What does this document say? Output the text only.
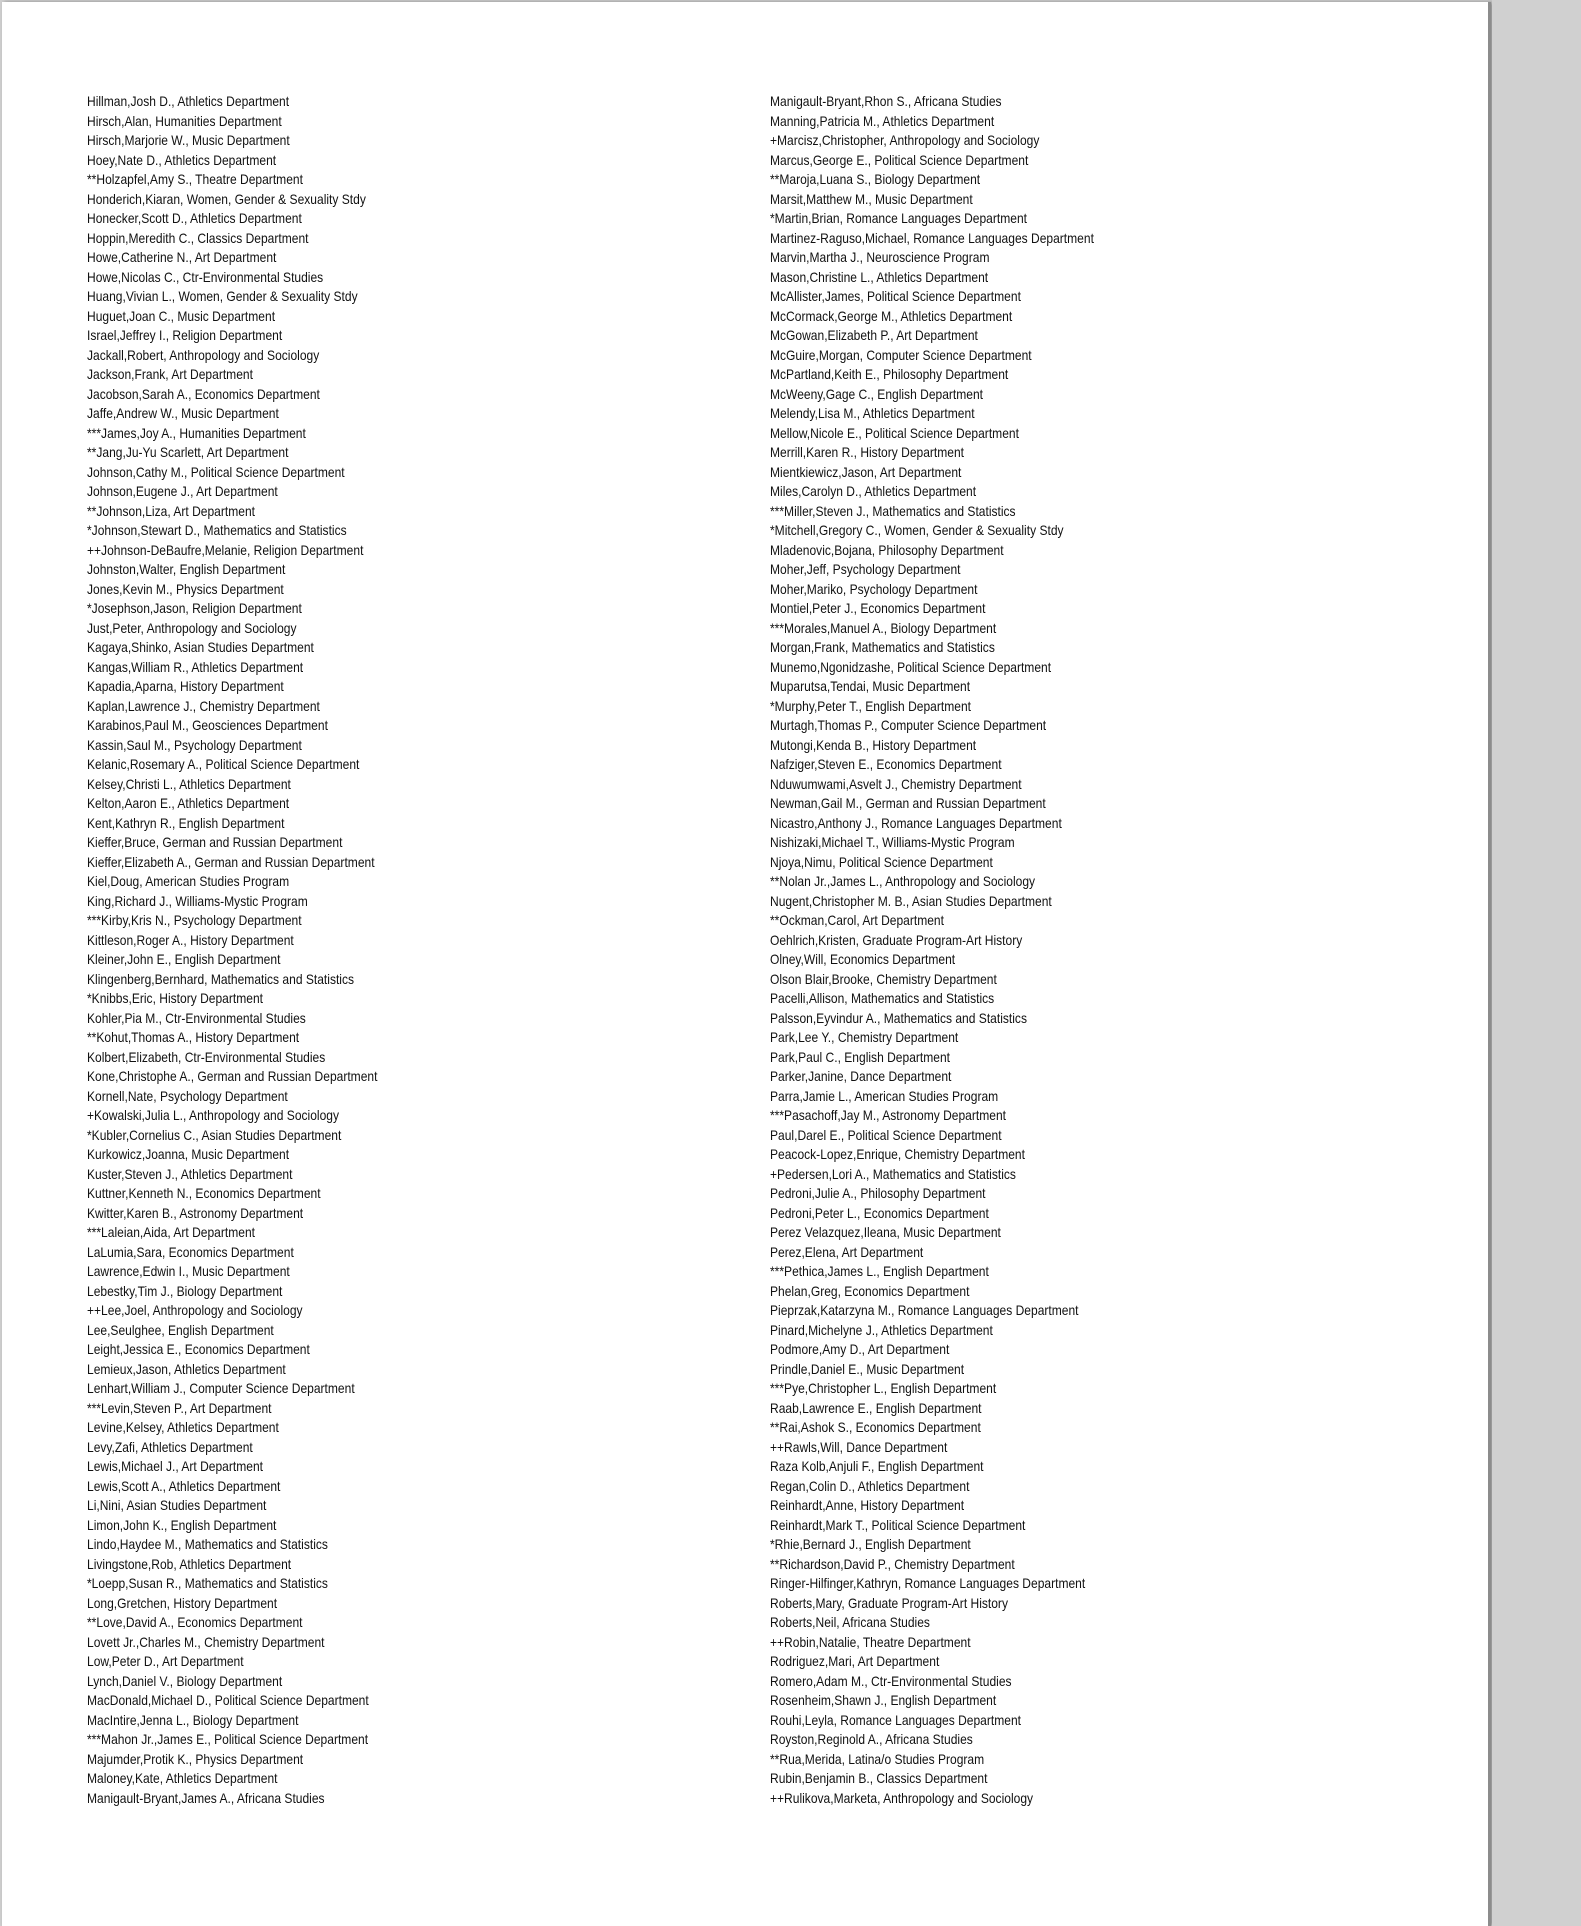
Hillman,Josh D., Athletics Department
Hirsch,Alan, Humanities Department
Hirsch,Marjorie W., Music Department
Hoey,Nate D., Athletics Department
**Holzapfel,Amy S., Theatre Department
Honderich,Kiaran, Women, Gender & Sexuality Stdy
Honecker,Scott D., Athletics Department
Hoppin,Meredith C., Classics Department
Howe,Catherine N., Art Department
Howe,Nicolas C., Ctr-Environmental Studies
Huang,Vivian L., Women, Gender & Sexuality Stdy
Huguet,Joan C., Music Department
Israel,Jeffrey I., Religion Department
Jackall,Robert, Anthropology and Sociology
Jackson,Frank, Art Department
Jacobson,Sarah A., Economics Department
Jaffe,Andrew W., Music Department
***James,Joy A., Humanities Department
**Jang,Ju-Yu Scarlett, Art Department
Johnson,Cathy M., Political Science Department
Johnson,Eugene J., Art Department
**Johnson,Liza, Art Department
*Johnson,Stewart D., Mathematics and Statistics
++Johnson-DeBaufre,Melanie, Religion Department
Johnston,Walter, English Department
Jones,Kevin M., Physics Department
*Josephson,Jason, Religion Department
Just,Peter, Anthropology and Sociology
Kagaya,Shinko, Asian Studies Department
Kangas,William R., Athletics Department
Kapadia,Aparna, History Department
Kaplan,Lawrence J., Chemistry Department
Karabinos,Paul M., Geosciences Department
Kassin,Saul M., Psychology Department
Kelanic,Rosemary A., Political Science Department
Kelsey,Christi L., Athletics Department
Kelton,Aaron E., Athletics Department
Kent,Kathryn R., English Department
Kieffer,Bruce, German and Russian Department
Kieffer,Elizabeth A., German and Russian Department
Kiel,Doug, American Studies Program
King,Richard J., Williams-Mystic Program
***Kirby,Kris N., Psychology Department
Kittleson,Roger A., History Department
Kleiner,John E., English Department
Klingenberg,Bernhard, Mathematics and Statistics
*Knibbs,Eric, History Department
Kohler,Pia M., Ctr-Environmental Studies
**Kohut,Thomas A., History Department
Kolbert,Elizabeth, Ctr-Environmental Studies
Kone,Christophe A., German and Russian Department
Kornell,Nate, Psychology Department
+Kowalski,Julia L., Anthropology and Sociology
*Kubler,Cornelius C., Asian Studies Department
Kurkowicz,Joanna, Music Department
Kuster,Steven J., Athletics Department
Kuttner,Kenneth N., Economics Department
Kwitter,Karen B., Astronomy Department
***Laleian,Aida, Art Department
LaLumia,Sara, Economics Department
Lawrence,Edwin I., Music Department
Lebestky,Tim J., Biology Department
++Lee,Joel, Anthropology and Sociology
Lee,Seulghee, English Department
Leight,Jessica E., Economics Department
Lemieux,Jason, Athletics Department
Lenhart,William J., Computer Science Department
***Levin,Steven P., Art Department
Levine,Kelsey, Athletics Department
Levy,Zafi, Athletics Department
Lewis,Michael J., Art Department
Lewis,Scott A., Athletics Department
Li,Nini, Asian Studies Department
Limon,John K., English Department
Lindo,Haydee M., Mathematics and Statistics
Livingstone,Rob, Athletics Department
*Loepp,Susan R., Mathematics and Statistics
Long,Gretchen, History Department
**Love,David A., Economics Department
Lovett Jr.,Charles M., Chemistry Department
Low,Peter D., Art Department
Lynch,Daniel V., Biology Department
MacDonald,Michael D., Political Science Department
MacIntire,Jenna L., Biology Department
***Mahon Jr.,James E., Political Science Department
Majumder,Protik K., Physics Department
Maloney,Kate, Athletics Department
Manigault-Bryant,James A., Africana Studies
Manigault-Bryant,Rhon S., Africana Studies
Manning,Patricia M., Athletics Department
+Marcisz,Christopher, Anthropology and Sociology
Marcus,George E., Political Science Department
**Maroja,Luana S., Biology Department
Marsit,Matthew M., Music Department
*Martin,Brian, Romance Languages Department
Martinez-Raguso,Michael, Romance Languages Department
Marvin,Martha J., Neuroscience Program
Mason,Christine L., Athletics Department
McAllister,James, Political Science Department
McCormack,George M., Athletics Department
McGowan,Elizabeth P., Art Department
McGuire,Morgan, Computer Science Department
McPartland,Keith E., Philosophy Department
McWeeny,Gage C., English Department
Melendy,Lisa M., Athletics Department
Mellow,Nicole E., Political Science Department
Merrill,Karen R., History Department
Mientkiewicz,Jason, Art Department
Miles,Carolyn D., Athletics Department
***Miller,Steven J., Mathematics and Statistics
*Mitchell,Gregory C., Women, Gender & Sexuality Stdy
Mladenovic,Bojana, Philosophy Department
Moher,Jeff, Psychology Department
Moher,Mariko, Psychology Department
Montiel,Peter J., Economics Department
***Morales,Manuel A., Biology Department
Morgan,Frank, Mathematics and Statistics
Munemo,Ngonidzashe, Political Science Department
Muparutsa,Tendai, Music Department
*Murphy,Peter T., English Department
Murtagh,Thomas P., Computer Science Department
Mutongi,Kenda B., History Department
Nafziger,Steven E., Economics Department
Nduwumwami,Asvelt J., Chemistry Department
Newman,Gail M., German and Russian Department
Nicastro,Anthony J., Romance Languages Department
Nishizaki,Michael T., Williams-Mystic Program
Njoya,Nimu, Political Science Department
**Nolan Jr.,James L., Anthropology and Sociology
Nugent,Christopher M. B., Asian Studies Department
**Ockman,Carol, Art Department
Oehlrich,Kristen, Graduate Program-Art History
Olney,Will, Economics Department
Olson Blair,Brooke, Chemistry Department
Pacelli,Allison, Mathematics and Statistics
Palsson,Eyvindur A., Mathematics and Statistics
Park,Lee Y., Chemistry Department
Park,Paul C., English Department
Parker,Janine, Dance Department
Parra,Jamie L., American Studies Program
***Pasachoff,Jay M., Astronomy Department
Paul,Darel E., Political Science Department
Peacock-Lopez,Enrique, Chemistry Department
+Pedersen,Lori A., Mathematics and Statistics
Pedroni,Julie A., Philosophy Department
Pedroni,Peter L., Economics Department
Perez Velazquez,Ileana, Music Department
Perez,Elena, Art Department
***Pethica,James L., English Department
Phelan,Greg, Economics Department
Pieprzak,Katarzyna M., Romance Languages Department
Pinard,Michelyne J., Athletics Department
Podmore,Amy D., Art Department
Prindle,Daniel E., Music Department
***Pye,Christopher L., English Department
Raab,Lawrence E., English Department
**Rai,Ashok S., Economics Department
++Rawls,Will, Dance Department
Raza Kolb,Anjuli F., English Department
Regan,Colin D., Athletics Department
Reinhardt,Anne, History Department
Reinhardt,Mark T., Political Science Department
*Rhie,Bernard J., English Department
**Richardson,David P., Chemistry Department
Ringer-Hilfinger,Kathryn, Romance Languages Department
Roberts,Mary, Graduate Program-Art History
Roberts,Neil, Africana Studies
++Robin,Natalie, Theatre Department
Rodriguez,Mari, Art Department
Romero,Adam M., Ctr-Environmental Studies
Rosenheim,Shawn J., English Department
Rouhi,Leyla, Romance Languages Department
Royston,Reginold A., Africana Studies
**Rua,Merida, Latina/o Studies Program
Rubin,Benjamin B., Classics Department
++Rulikova,Marketa, Anthropology and Sociology
